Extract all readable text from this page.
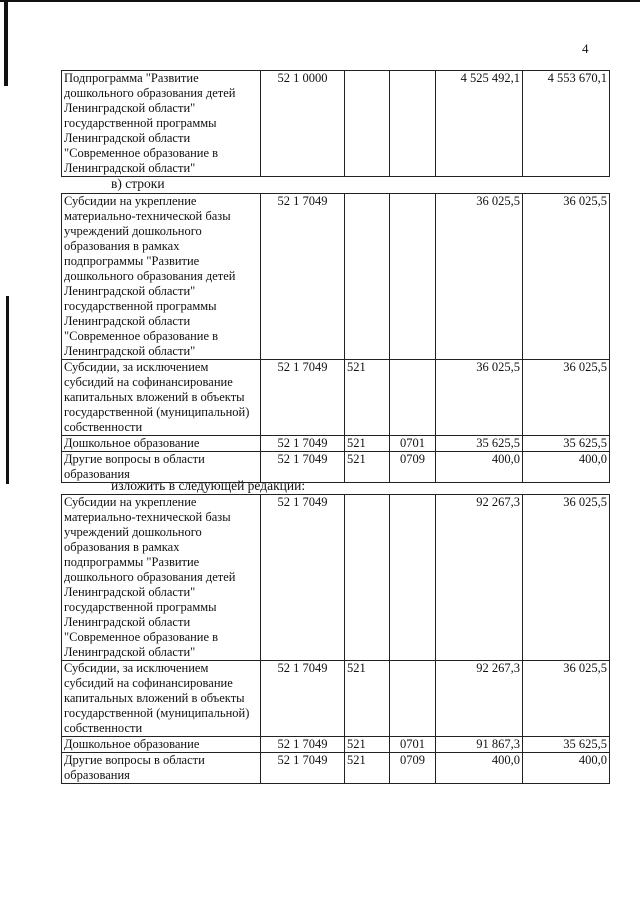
4
Подпрограмма "Развитие дошкольного образования детей Ленинградской области" государственной программы Ленинградской области "Современное образование в Ленинградской области"	52 1 0000			4 525 492,1	4 553 670,1
в) строки
Субсидии на укрепление материально-технической базы учреждений дошкольного образования в рамках подпрограммы "Развитие дошкольного образования детей Ленинградской области" государственной программы Ленинградской области "Современное образование в Ленинградской области"	52 1 7049			36 025,5	36 025,5
Субсидии, за исключением субсидий на софинансирование капитальных вложений в объекты государственной (муниципальной) собственности	52 1 7049	521		36 025,5	36 025,5
Дошкольное образование	52 1 7049	521	0701	35 625,5	35 625,5
Другие вопросы в области образования	52 1 7049	521	0709	400,0	400,0
изложить в следующей редакции:
Субсидии на укрепление материально-технической базы учреждений дошкольного образования в рамках подпрограммы "Развитие дошкольного образования детей Ленинградской области" государственной программы Ленинградской области "Современное образование в Ленинградской области"	52 1 7049			92 267,3	36 025,5
Субсидии, за исключением субсидий на софинансирование капитальных вложений в объекты государственной (муниципальной) собственности	52 1 7049	521		92 267,3	36 025,5
Дошкольное образование	52 1 7049	521	0701	91 867,3	35 625,5
Другие вопросы в области образования	52 1 7049	521	0709	400,0	400,0
